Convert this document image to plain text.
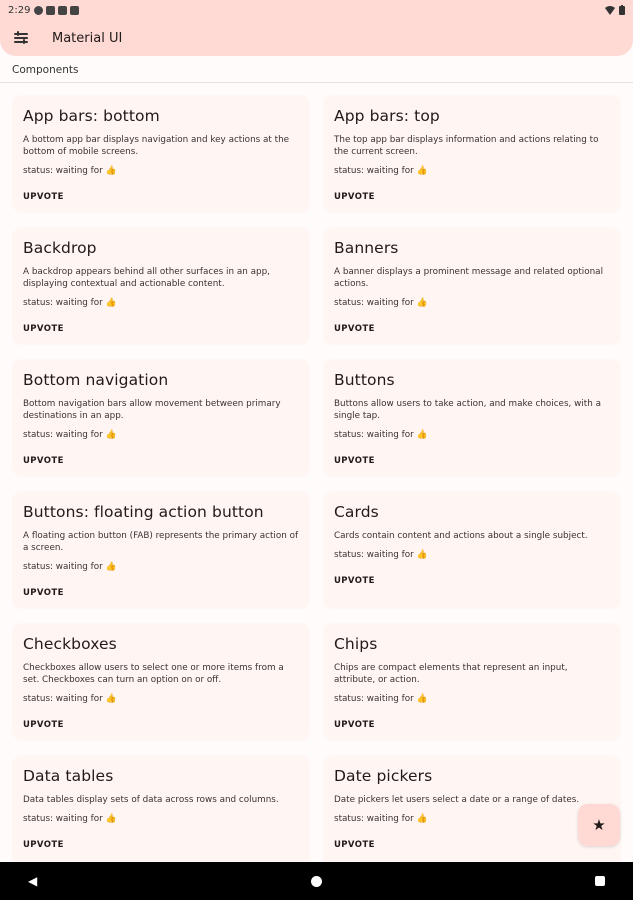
2:29
Material UI
Components
App bars: bottom
A bottom app bar displays navigation and key actions at the bottom of mobile screens.
status: waiting for 👍
UPVOTE
App bars: top
The top app bar displays information and actions relating to the current screen.
status: waiting for 👍
UPVOTE
Backdrop
A backdrop appears behind all other surfaces in an app, displaying contextual and actionable content.
status: waiting for 👍
UPVOTE
Banners
A banner displays a prominent message and related optional actions.
status: waiting for 👍
UPVOTE
Bottom navigation
Bottom navigation bars allow movement between primary destinations in an app.
status: waiting for 👍
UPVOTE
Buttons
Buttons allow users to take action, and make choices, with a single tap.
status: waiting for 👍
UPVOTE
Buttons: floating action button
A floating action button (FAB) represents the primary action of a screen.
status: waiting for 👍
UPVOTE
Cards
Cards contain content and actions about a single subject.
status: waiting for 👍
UPVOTE
Checkboxes
Checkboxes allow users to select one or more items from a set. Checkboxes can turn an option on or off.
status: waiting for 👍
UPVOTE
Chips
Chips are compact elements that represent an input, attribute, or action.
status: waiting for 👍
UPVOTE
Data tables
Data tables display sets of data across rows and columns.
status: waiting for 👍
UPVOTE
Date pickers
Date pickers let users select a date or a range of dates.
status: waiting for 👍
UPVOTE
★
◀
